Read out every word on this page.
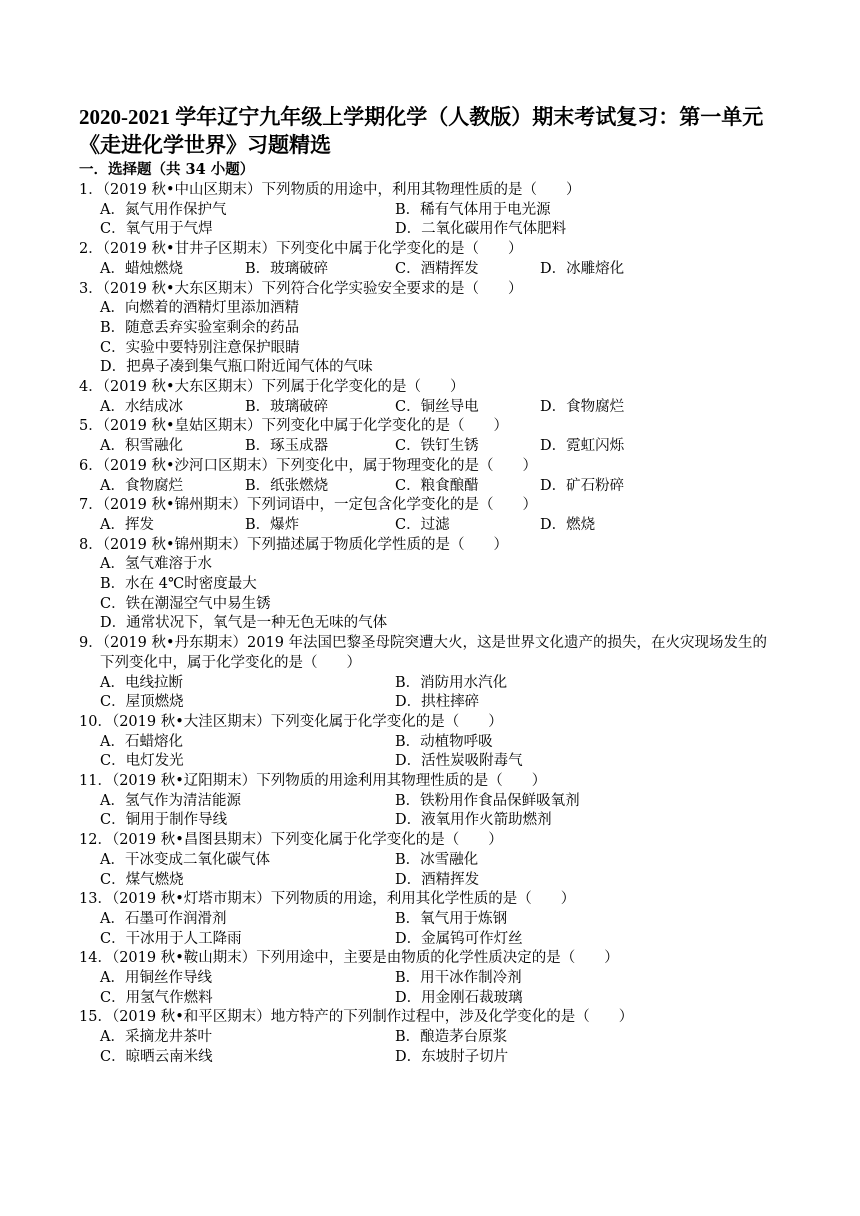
2020-2021 学年辽宁九年级上学期化学（人教版）期末考试复习：第一单元
《走进化学世界》习题精选
一．选择题（共 34 小题）
1．（2019 秋•中山区期末）下列物质的用途中，利用其物理性质的是（　　）
A．氮气用作保护气	B．稀有气体用于电光源
C．氧气用于气焊	D．二氧化碳用作气体肥料
2．（2019 秋•甘井子区期末）下列变化中属于化学变化的是（　　）
A．蜡烛燃烧	B．玻璃破碎	C．酒精挥发	D．冰雕熔化
3．（2019 秋•大东区期末）下列符合化学实验安全要求的是（　　）
A．向燃着的酒精灯里添加酒精
B．随意丢弃实验室剩余的药品
C．实验中要特别注意保护眼睛
D．把鼻子凑到集气瓶口附近闻气体的气味
4．（2019 秋•大东区期末）下列属于化学变化的是（　　）
A．水结成冰	B．玻璃破碎	C．铜丝导电	D．食物腐烂
5．（2019 秋•皇姑区期末）下列变化中属于化学变化的是（　　）
A．积雪融化	B．琢玉成器	C．铁钉生锈	D．霓虹闪烁
6．（2019 秋•沙河口区期末）下列变化中，属于物理变化的是（　　）
A．食物腐烂	B．纸张燃烧	C．粮食酿醋	D．矿石粉碎
7．（2019 秋•锦州期末）下列词语中，一定包含化学变化的是（　　）
A．挥发	B．爆炸	C．过滤	D．燃烧
8．（2019 秋•锦州期末）下列描述属于物质化学性质的是（　　）
A．氢气难溶于水
B．水在 4℃时密度最大
C．铁在潮湿空气中易生锈
D．通常状况下，氧气是一种无色无味的气体
9．（2019 秋•丹东期末）2019 年法国巴黎圣母院突遭大火，这是世界文化遗产的损失，在火灾现场发生的
下列变化中，属于化学变化的是（　　）
A．电线拉断	B．消防用水汽化
C．屋顶燃烧	D．拱柱摔碎
10．（2019 秋•大洼区期末）下列变化属于化学变化的是（　　）
A．石蜡熔化	B．动植物呼吸
C．电灯发光	D．活性炭吸附毒气
11．（2019 秋•辽阳期末）下列物质的用途利用其物理性质的是（　　）
A．氢气作为清洁能源	B．铁粉用作食品保鲜吸氧剂
C．铜用于制作导线	D．液氧用作火箭助燃剂
12．（2019 秋•昌图县期末）下列变化属于化学变化的是（　　）
A．干冰变成二氧化碳气体	B．冰雪融化
C．煤气燃烧	D．酒精挥发
13．（2019 秋•灯塔市期末）下列物质的用途，利用其化学性质的是（　　）
A．石墨可作润滑剂	B．氧气用于炼钢
C．干冰用于人工降雨	D．金属钨可作灯丝
14．（2019 秋•鞍山期末）下列用途中，主要是由物质的化学性质决定的是（　　）
A．用铜丝作导线	B．用干冰作制冷剂
C．用氢气作燃料	D．用金刚石裁玻璃
15．（2019 秋•和平区期末）地方特产的下列制作过程中，涉及化学变化的是（　　）
A．采摘龙井茶叶	B．酿造茅台原浆
C．晾晒云南米线	D．东坡肘子切片
